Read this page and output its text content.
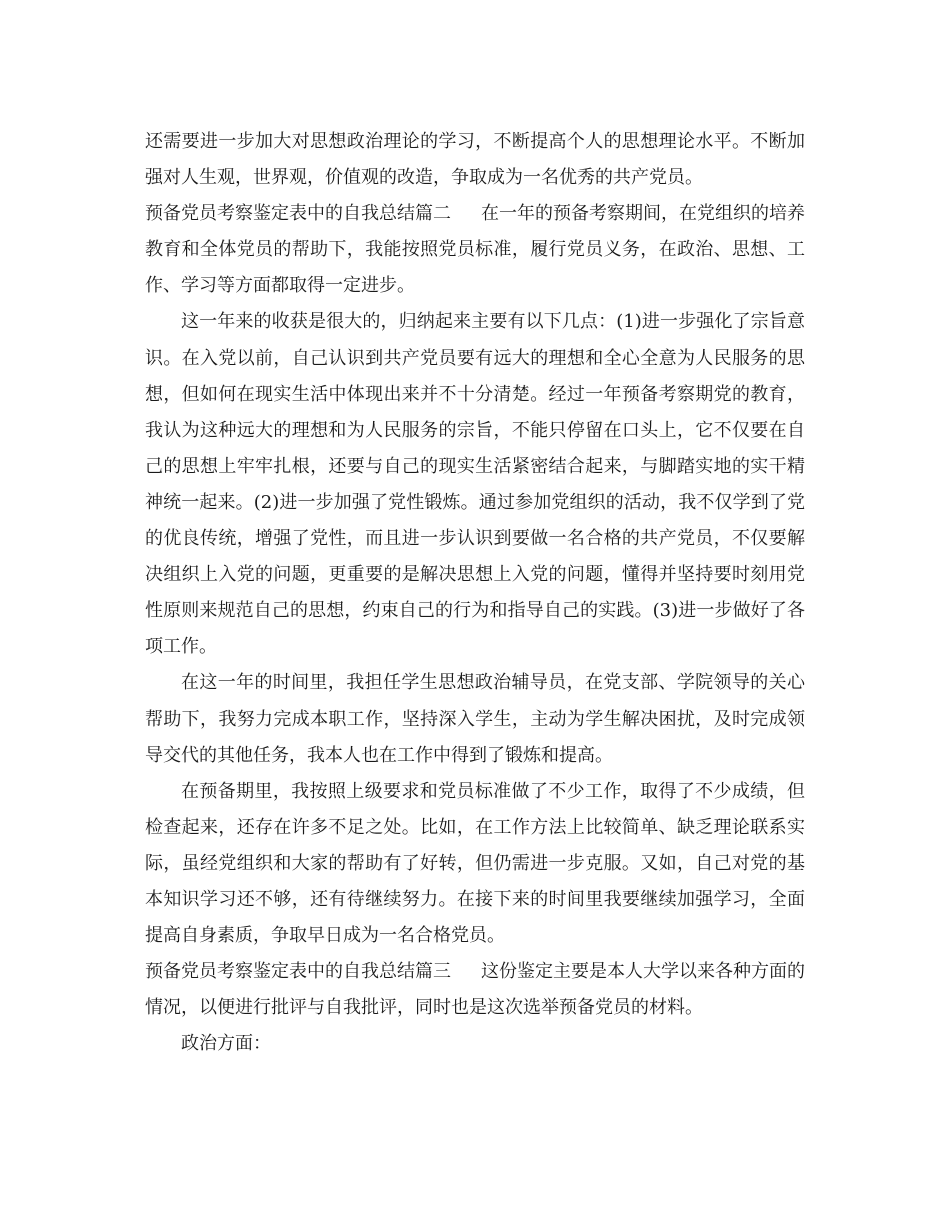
还需要进一步加大对思想政治理论的学习，不断提高个人的思想理论水平。不断加强对人生观，世界观，价值观的改造，争取成为一名优秀的共产党员。

预备党员考察鉴定表中的自我总结篇二 在一年的预备考察期间，在党组织的培养教育和全体党员的帮助下，我能按照党员标准，履行党员义务，在政治、思想、工作、学习等方面都取得一定进步。

这一年来的收获是很大的，归纳起来主要有以下几点：(1)进一步强化了宗旨意识。在入党以前，自己认识到共产党员要有远大的理想和全心全意为人民服务的思想，但如何在现实生活中体现出来并不十分清楚。经过一年预备考察期党的教育，我认为这种远大的理想和为人民服务的宗旨，不能只停留在口头上，它不仅要在自己的思想上牢牢扎根，还要与自己的现实生活紧密结合起来，与脚踏实地的实干精神统一起来。(2)进一步加强了党性锻炼。通过参加党组织的活动，我不仅学到了党的优良传统，增强了党性，而且进一步认识到要做一名合格的共产党员，不仅要解决组织上入党的问题，更重要的是解决思想上入党的问题，懂得并坚持要时刻用党性原则来规范自己的思想，约束自己的行为和指导自己的实践。(3)进一步做好了各项工作。

在这一年的时间里，我担任学生思想政治辅导员，在党支部、学院领导的关心帮助下，我努力完成本职工作，坚持深入学生，主动为学生解决困扰，及时完成领导交代的其他任务，我本人也在工作中得到了锻炼和提高。

在预备期里，我按照上级要求和党员标准做了不少工作，取得了不少成绩，但检查起来，还存在许多不足之处。比如，在工作方法上比较简单、缺乏理论联系实际，虽经党组织和大家的帮助有了好转，但仍需进一步克服。又如，自己对党的基本知识学习还不够，还有待继续努力。在接下来的时间里我要继续加强学习，全面提高自身素质，争取早日成为一名合格党员。

预备党员考察鉴定表中的自我总结篇三 这份鉴定主要是本人大学以来各种方面的情况，以便进行批评与自我批评，同时也是这次选举预备党员的材料。

政治方面：
